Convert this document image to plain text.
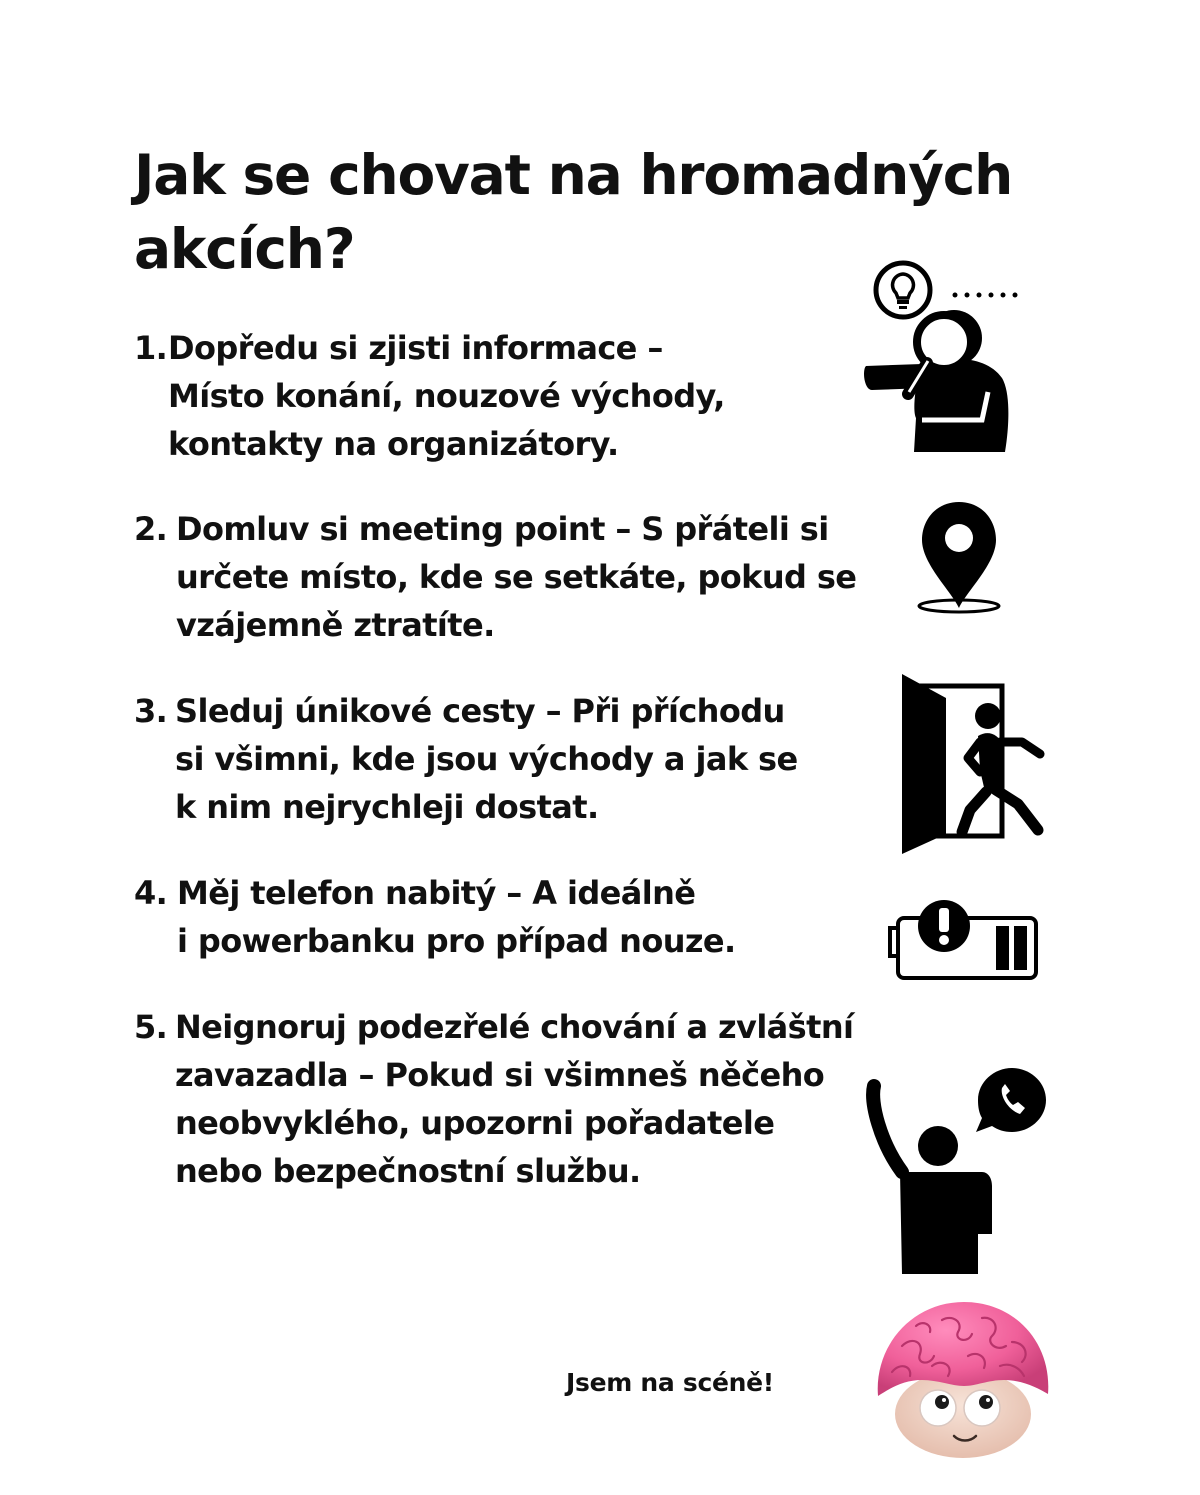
Jak se chovat na hromadných
akcích?
1. Dopředu si zjisti informace –
Místo konání, nouzové východy,
kontakty na organizátory.
2. Domluv si meeting point – S přáteli si
určete místo, kde se setkáte, pokud se
vzájemně ztratíte.
3. Sleduj únikové cesty – Při příchodu
si všimni, kde jsou východy a jak se
k nim nejrychleji dostat.
4. Měj telefon nabitý – A ideálně
i powerbanku pro případ nouze.
5. Neignoruj podezřelé chování a zvláštní
zavazadla – Pokud si všimneš něčeho
neobvyklého, upozorni pořadatele
nebo bezpečnostní službu.
Jsem na scéně!
